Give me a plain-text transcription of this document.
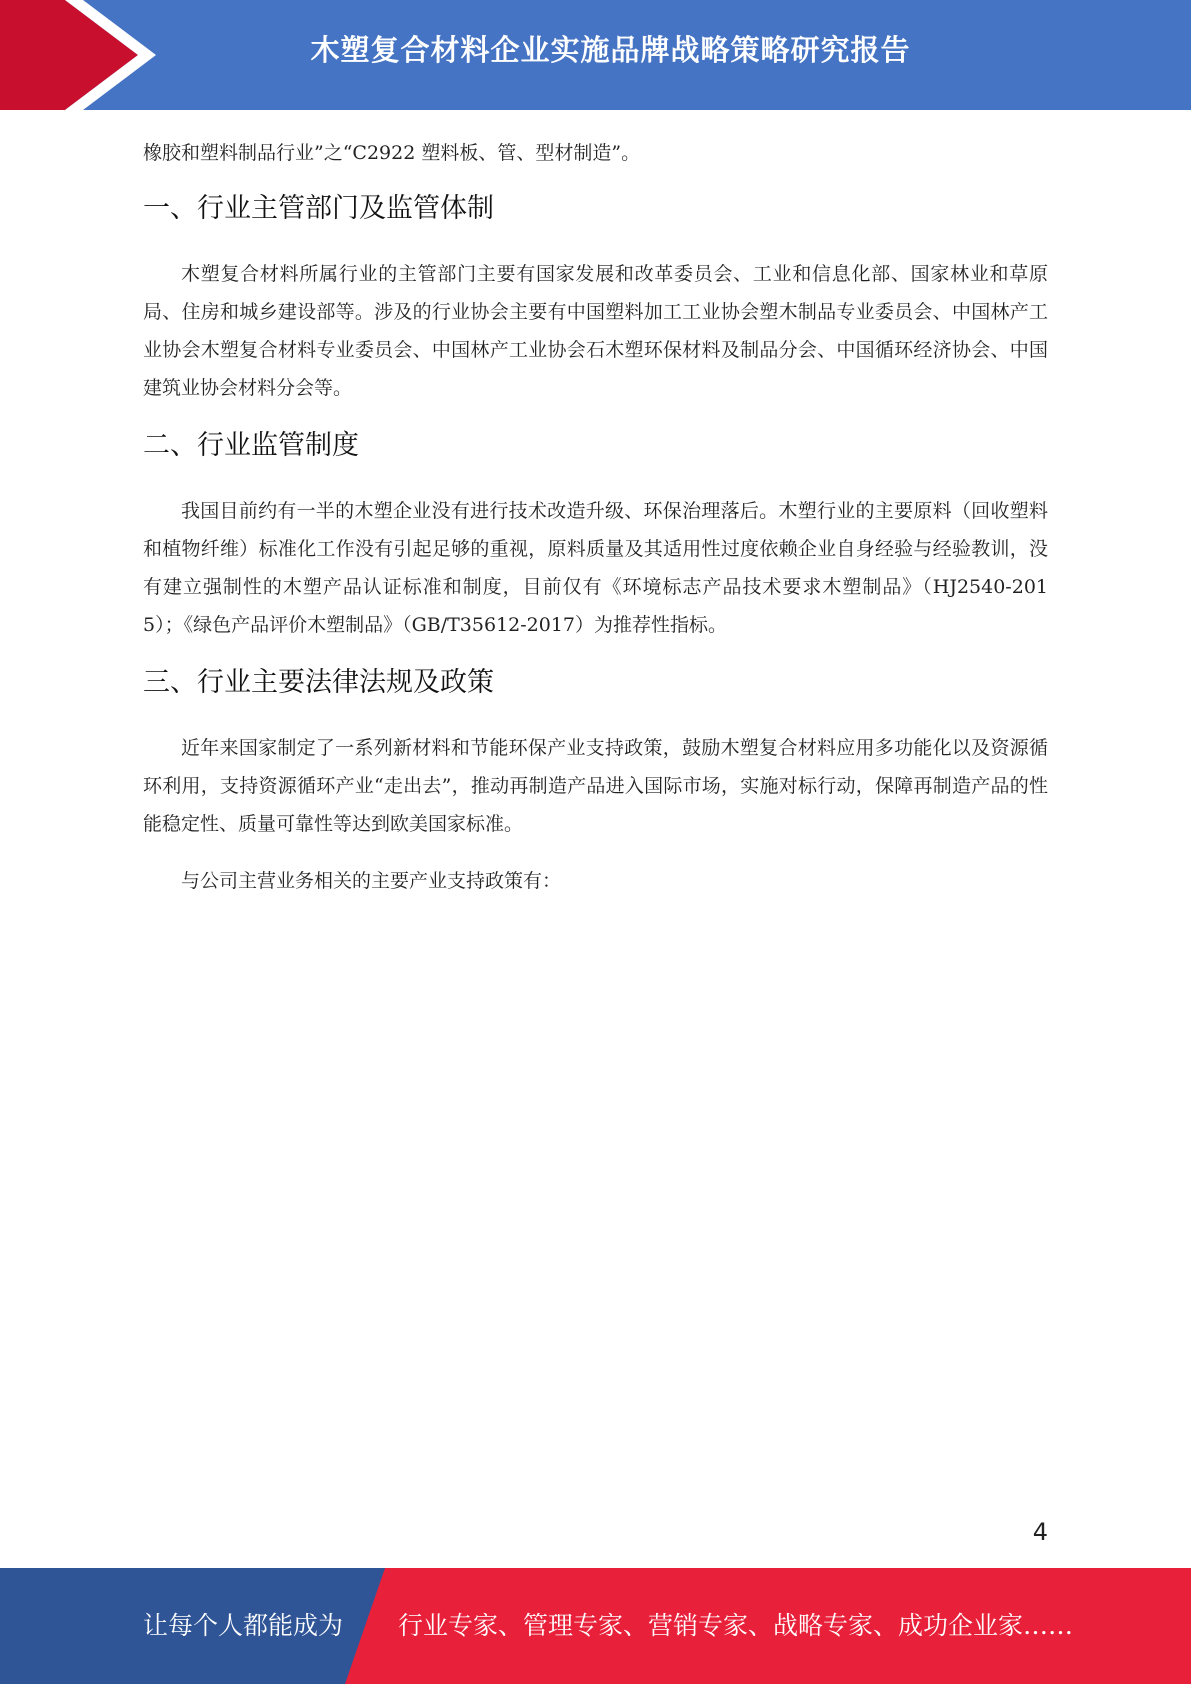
木塑复合材料企业实施品牌战略策略研究报告

橡胶和塑料制品行业”之“C2922 塑料板、管、型材制造”。

一、行业主管部门及监管体制

木塑复合材料所属行业的主管部门主要有国家发展和改革委员会、工业和信息化部、国家林业和草原局、住房和城乡建设部等。涉及的行业协会主要有中国塑料加工工业协会塑木制品专业委员会、中国林产工业协会木塑复合材料专业委员会、中国林产工业协会石木塑环保材料及制品分会、中国循环经济协会、中国建筑业协会材料分会等。

二、行业监管制度

我国目前约有一半的木塑企业没有进行技术改造升级、环保治理落后。木塑行业的主要原料（回收塑料和植物纤维）标准化工作没有引起足够的重视，原料质量及其适用性过度依赖企业自身经验与经验教训，没有建立强制性的木塑产品认证标准和制度，目前仅有《环境标志产品技术要求木塑制品》（HJ2540-2015）；《绿色产品评价木塑制品》（GB/T35612-2017）为推荐性指标。

三、行业主要法律法规及政策

近年来国家制定了一系列新材料和节能环保产业支持政策，鼓励木塑复合材料应用多功能化以及资源循环利用，支持资源循环产业“走出去”，推动再制造产品进入国际市场，实施对标行动，保障再制造产品的性能稳定性、质量可靠性等达到欧美国家标准。

与公司主营业务相关的主要产业支持政策有：

4
让每个人都能成为 行业专家、管理专家、营销专家、战略专家、成功企业家……
